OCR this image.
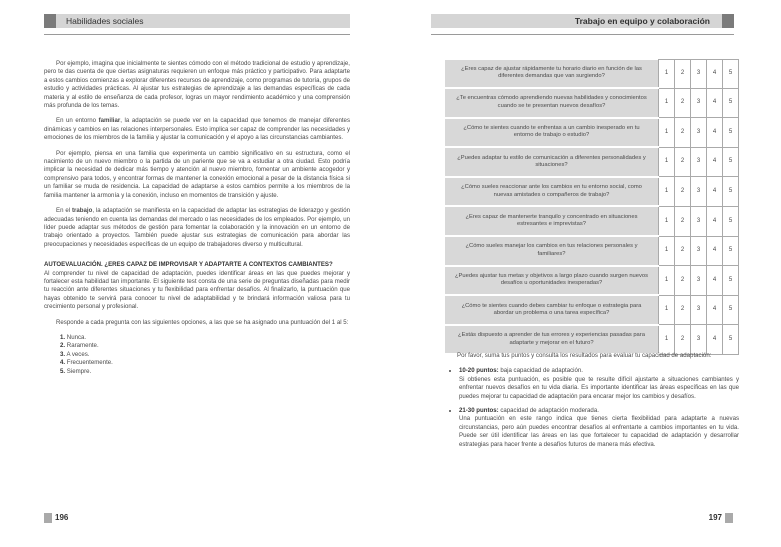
Habilidades sociales

Por ejemplo, imagina que inicialmente te sientes cómodo con el método tradicional de estudio y aprendizaje, pero te das cuenta de que ciertas asignaturas requieren un enfoque más práctico y participativo. Para adaptarte a estos cambios comienzas a explorar diferentes recursos de aprendizaje, como programas de tutoría, grupos de estudio y actividades prácticas. Al ajustar tus estrategias de aprendizaje a las demandas específicas de cada materia y al estilo de enseñanza de cada profesor, logras un mayor rendimiento académico y una comprensión más profunda de los temas.

En un entorno familiar, la adaptación se puede ver en la capacidad que tenemos de manejar diferentes dinámicas y cambios en las relaciones interpersonales. Esto implica ser capaz de comprender las necesidades y emociones de los miembros de la familia y ajustar la comunicación y el apoyo a las circunstancias cambiantes.

Por ejemplo, piensa en una familia que experimenta un cambio significativo en su estructura, como el nacimiento de un nuevo miembro o la partida de un pariente que se va a estudiar a otra ciudad. Esto podría implicar la necesidad de dedicar más tiempo y atención al nuevo miembro, fomentar un ambiente acogedor y comprensivo para todos, y encontrar formas de mantener la conexión emocional a pesar de la distancia física si un familiar se muda de residencia. La capacidad de adaptarse a estos cambios permite a los miembros de la familia mantener la armonía y la conexión, incluso en momentos de transición y ajuste.

En el trabajo, la adaptación se manifiesta en la capacidad de adaptar las estrategias de liderazgo y gestión adecuadas teniendo en cuenta las demandas del mercado o las necesidades de los empleados. Por ejemplo, un líder puede adaptar sus métodos de gestión para fomentar la colaboración y la innovación en un entorno de trabajo orientado a proyectos. También puede ajustar sus estrategias de comunicación para abordar las preocupaciones y necesidades específicas de un equipo de trabajadores diverso y multicultural.

AUTOEVALUACIÓN. ¿ERES CAPAZ DE IMPROVISAR Y ADAPTARTE A CONTEXTOS CAMBIANTES?

Al comprender tu nivel de capacidad de adaptación, puedes identificar áreas en las que puedes mejorar y fortalecer esta habilidad tan importante. El siguiente test consta de una serie de preguntas diseñadas para medir tu reacción ante diferentes situaciones y tu flexibilidad para enfrentar desafíos. Al finalizarlo, la puntuación que hayas obtenido te servirá para conocer tu nivel de adaptabilidad y te brindará información valiosa para tu crecimiento personal y profesional.

Responde a cada pregunta con las siguientes opciones, a las que se ha asignado una puntuación del 1 al 5:

1. Nunca.
2. Raramente.
3. A veces.
4. Frecuentemente.
5. Siempre.
196
Trabajo en equipo y colaboración
¿Eres capaz de ajustar rápidamente tu horario diario en función de las diferentes demandas que van surgiendo?	1	2	3	4	5
¿Te encuentras cómodo aprendiendo nuevas habilidades y conocimientos cuando se te presentan nuevos desafíos?	1	2	3	4	5
¿Cómo te sientes cuando te enfrentas a un cambio inesperado en tu entorno de trabajo o estudio?	1	2	3	4	5
¿Puedes adaptar tu estilo de comunicación a diferentes personalidades y situaciones?	1	2	3	4	5
¿Cómo sueles reaccionar ante los cambios en tu entorno social, como nuevas amistades o compañeros de trabajo?	1	2	3	4	5
¿Eres capaz de mantenerte tranquilo y concentrado en situaciones estresantes e imprevistas?	1	2	3	4	5
¿Cómo sueles manejar los cambios en tus relaciones personales y familiares?	1	2	3	4	5
¿Puedes ajustar tus metas y objetivos a largo plazo cuando surgen nuevos desafíos u oportunidades inesperadas?	1	2	3	4	5
¿Cómo te sientes cuando debes cambiar tu enfoque o estrategia para abordar un problema o una tarea específica?	1	2	3	4	5
¿Estás dispuesto a aprender de tus errores y experiencias pasadas para adaptarte y mejorar en el futuro?	1	2	3	4	5

Por favor, suma tus puntos y consulta los resultados para evaluar tu capacidad de adaptación:

• 10-20 puntos: baja capacidad de adaptación.
Si obtienes esta puntuación, es posible que te resulte difícil ajustarte a situaciones cambiantes y enfrentar nuevos desafíos en tu vida diaria. Es importante identificar las áreas específicas en las que puedes mejorar tu capacidad de adaptación para encarar mejor los cambios y desafíos.
• 21-30 puntos: capacidad de adaptación moderada.
Una puntuación en este rango indica que tienes cierta flexibilidad para adaptarte a nuevas circunstancias, pero aún puedes encontrar desafíos al enfrentarte a cambios importantes en tu vida. Puede ser útil identificar las áreas en las que fortalecer tu capacidad de adaptación y desarrollar estrategias para hacer frente a desafíos futuros de manera más efectiva.
197
